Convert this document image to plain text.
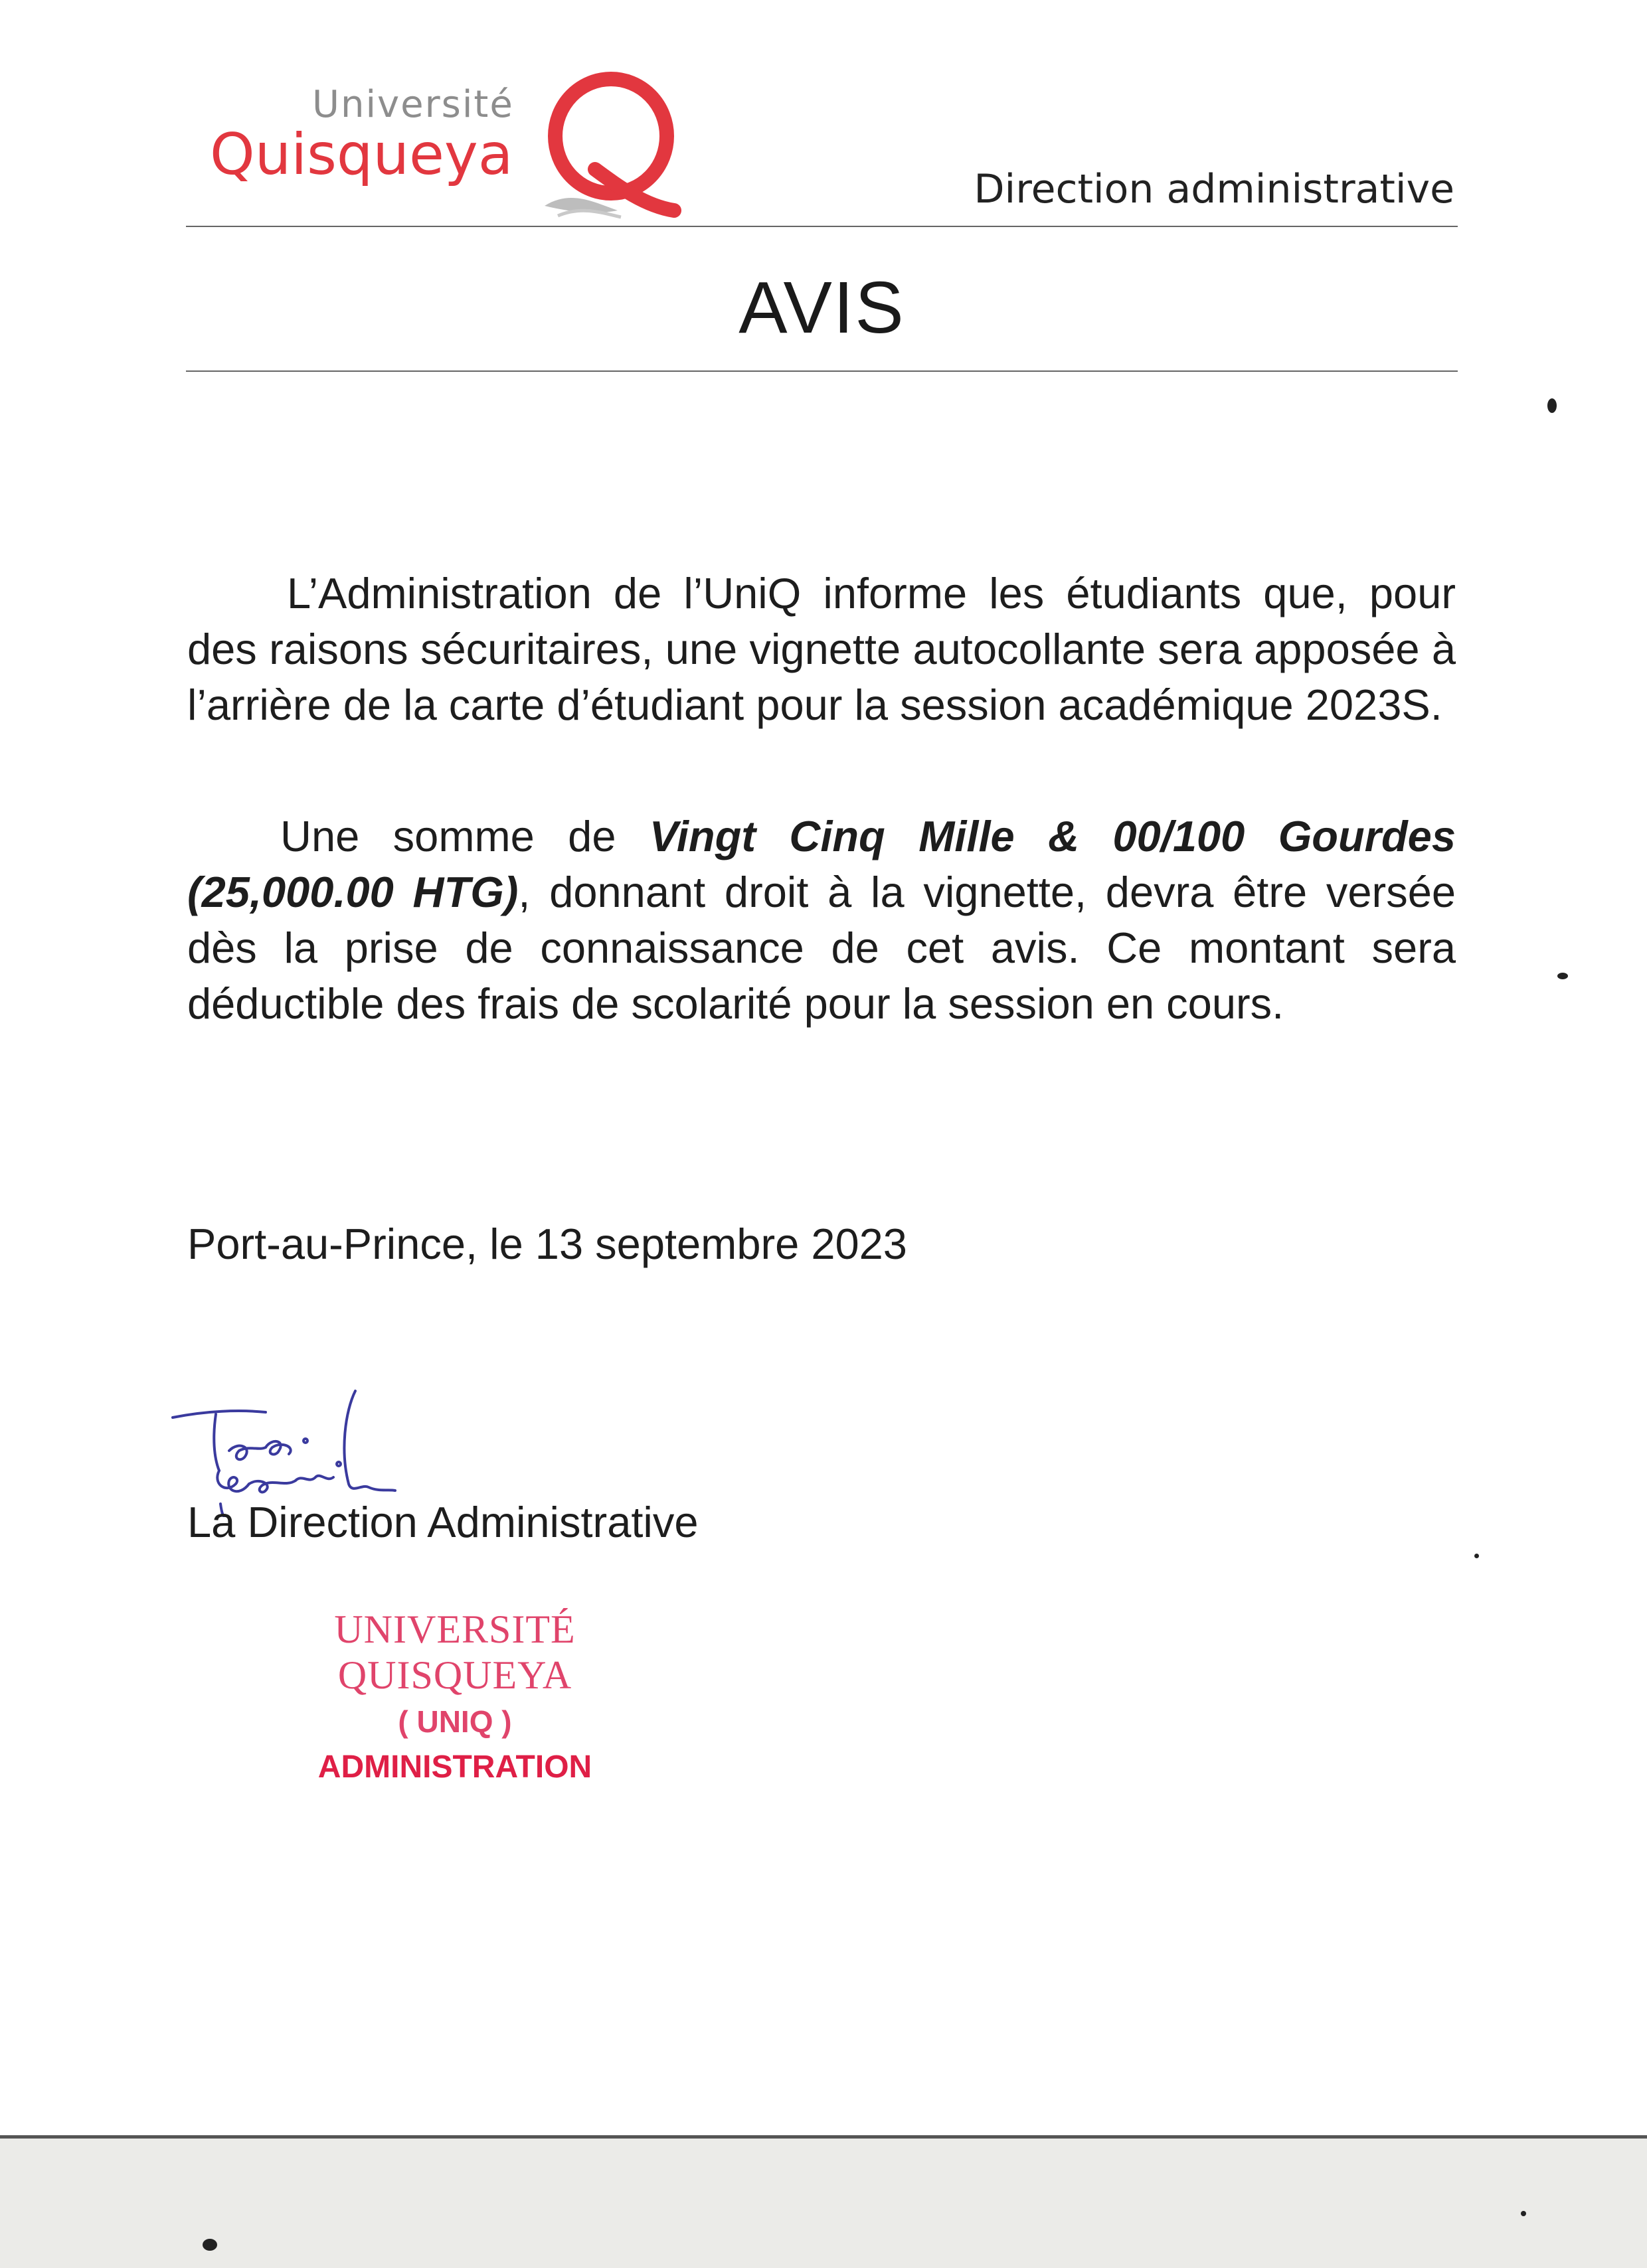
Université
Quisqueya
Direction administrative
AVIS
L’Administration de l’UniQ informe les étudiants que, pour des raisons sécuritaires, une vignette autocollante sera apposée à l’arrière de la carte d’étudiant pour la session académique 2023S.
Une somme de Vingt Cinq Mille & 00/100 Gourdes (25,000.00 HTG), donnant droit à la vignette, devra être versée dès la prise de connaissance de cet avis. Ce montant sera déductible des frais de scolarité pour la session en cours.
Port-au-Prince, le 13 septembre 2023
La Direction Administrative
UNIVERSITÉ QUISQUEYA
( UNIQ )
ADMINISTRATION
